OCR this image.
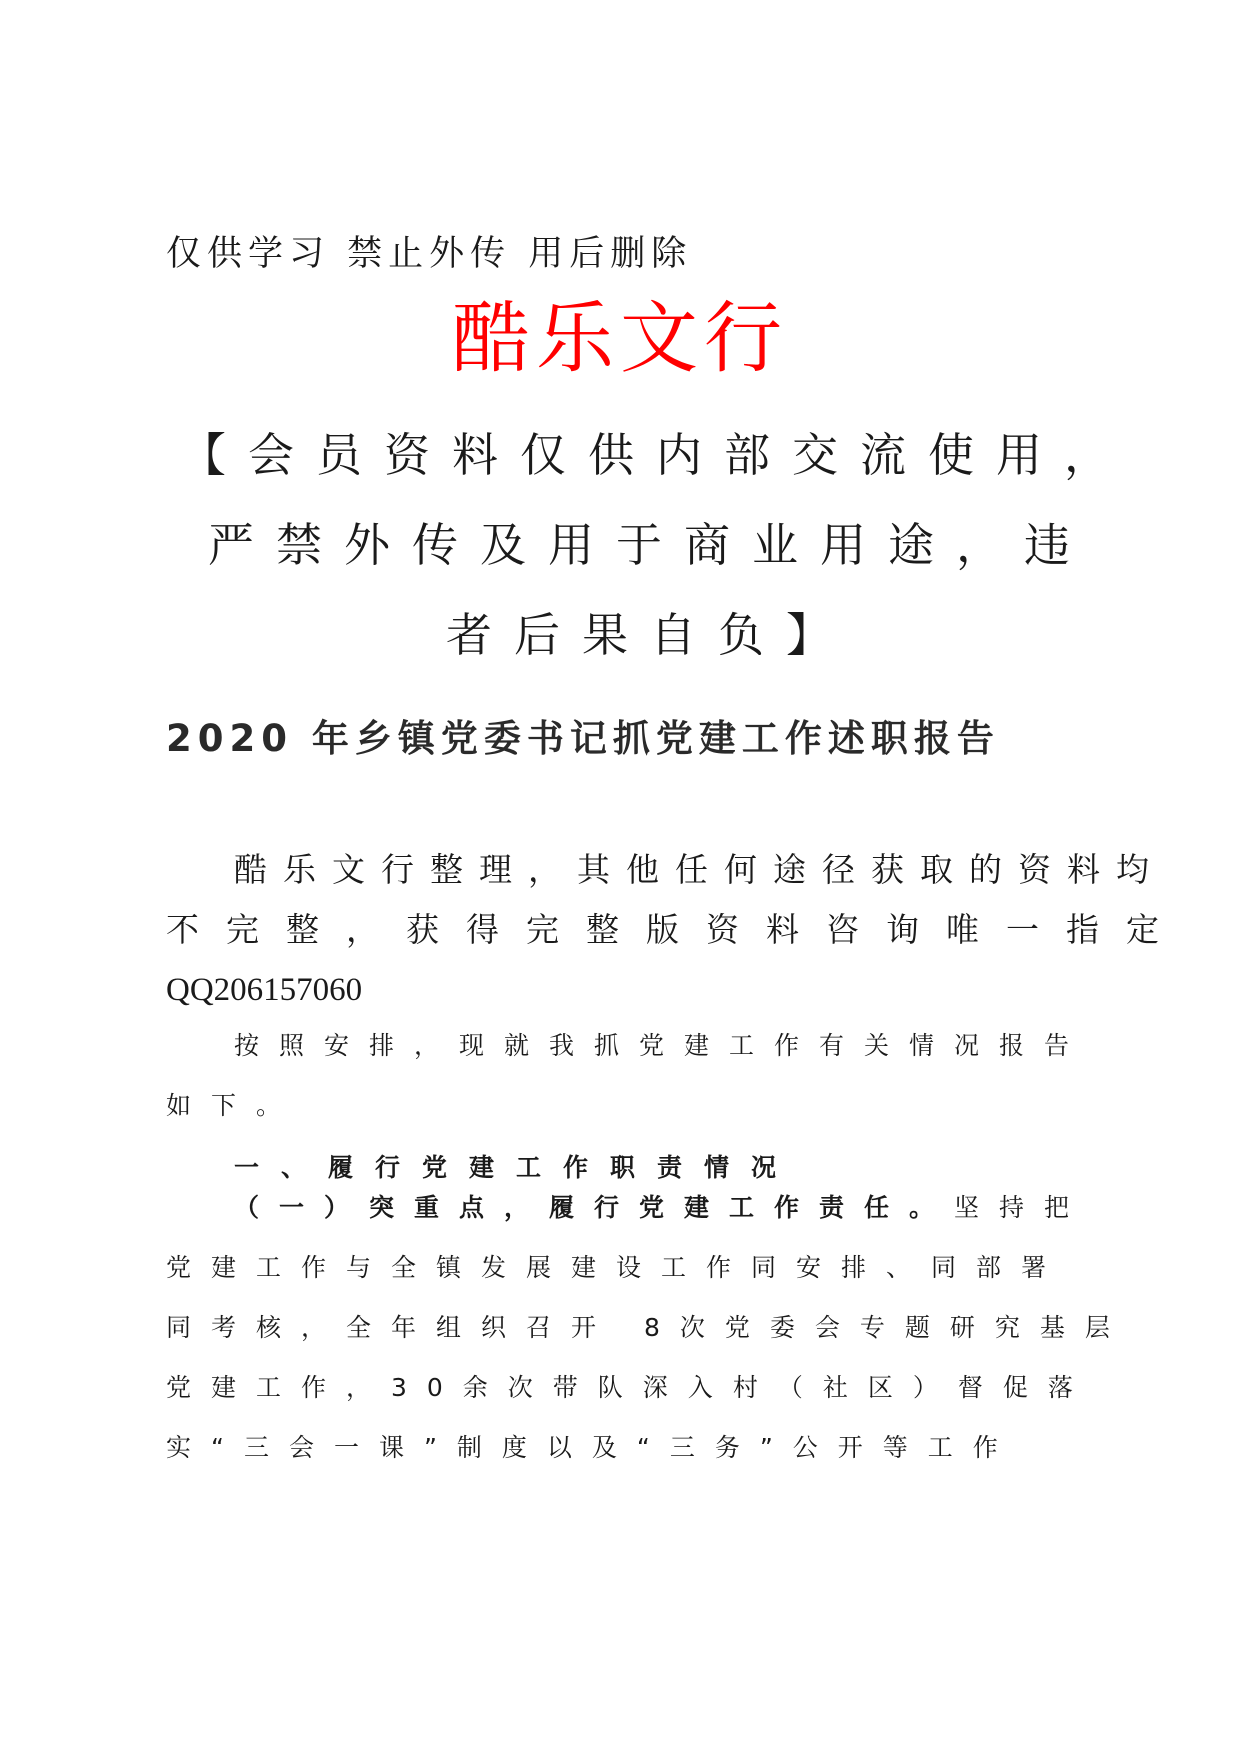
仅供学习 禁止外传 用后删除
酷乐文行
【会员资料仅供内部交流使用，
严禁外传及用于商业用途，违
者后果自负】
2020 年乡镇党委书记抓党建工作述职报告
酷乐文行整理，其他任何途径获取的资料均
不完整，获得完整版资料咨询唯一指定
QQ206157060
按照安排，现就我抓党建工作有关情况报告
如下。
一、履行党建工作职责情况
（一）突重点，履行党建工作责任。坚持把
党建工作与全镇发展建设工作同安排、同部署
同考核，全年组织召开 8次党委会专题研究基层
党建工作，30余次带队深入村（社区）督促落
实“三会一课”制度以及“三务”公开等工作
